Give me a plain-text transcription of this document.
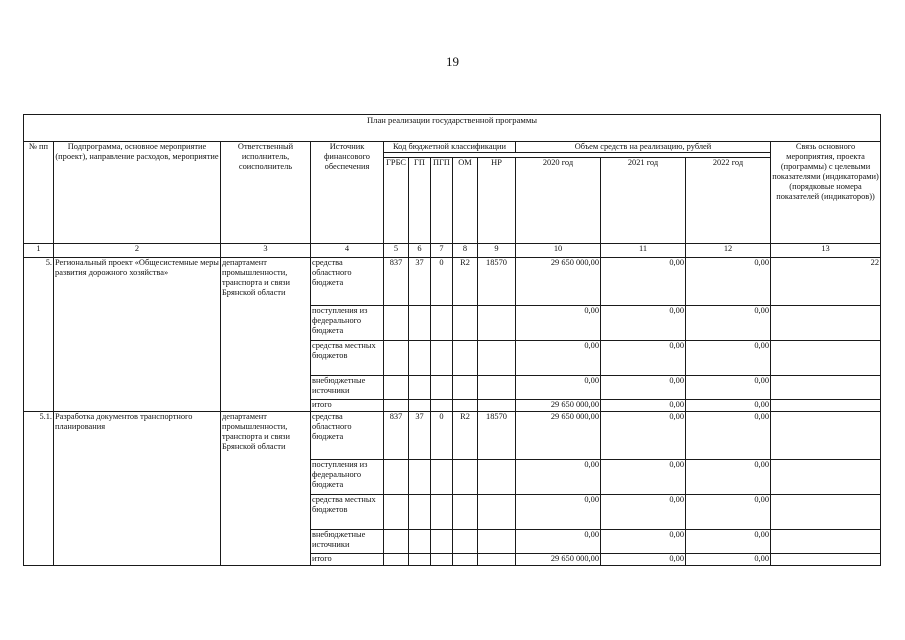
19
План реализации государственной программы												
№ пп	Подпрограмма, основное мероприятие (проект), направление расходов, мероприятие	Ответственный исполнитель, соисполнитель	Источник финансового обеспечения	Код бюджетной классификации					Объем средств на реализацию, рублей			Связь основного мероприятия, проекта (программы) с целевыми показателями (индикаторами) (порядковые номера показателей (индикаторов))

				ГРБС	ГП	ПГП	ОМ	НР	2020 год	2021 год	2022 год	
1	2	3	4	5	6	7	8	9	10	11	12	13
5.	Региональный проект «Общесистемные меры развития дорожного хозяйства»	департамент промышленности, транспорта и связи Брянской области	средства областного бюджета	837	37	0	R2	18570	29 650 000,00	0,00	0,00	22
			поступления из федерального бюджета						0,00	0,00	0,00	
			средства местных бюджетов						0,00	0,00	0,00	
			внебюджетные источники						0,00	0,00	0,00	
			итого						29 650 000,00	0,00	0,00	
5.1.	Разработка документов транспортного планирования	департамент промышленности, транспорта и связи Брянской области	средства областного бюджета	837	37	0	R2	18570	29 650 000,00	0,00	0,00	
			поступления из федерального бюджета						0,00	0,00	0,00	
			средства местных бюджетов						0,00	0,00	0,00	
			внебюджетные источники						0,00	0,00	0,00	
			итого						29 650 000,00	0,00	0,00	
